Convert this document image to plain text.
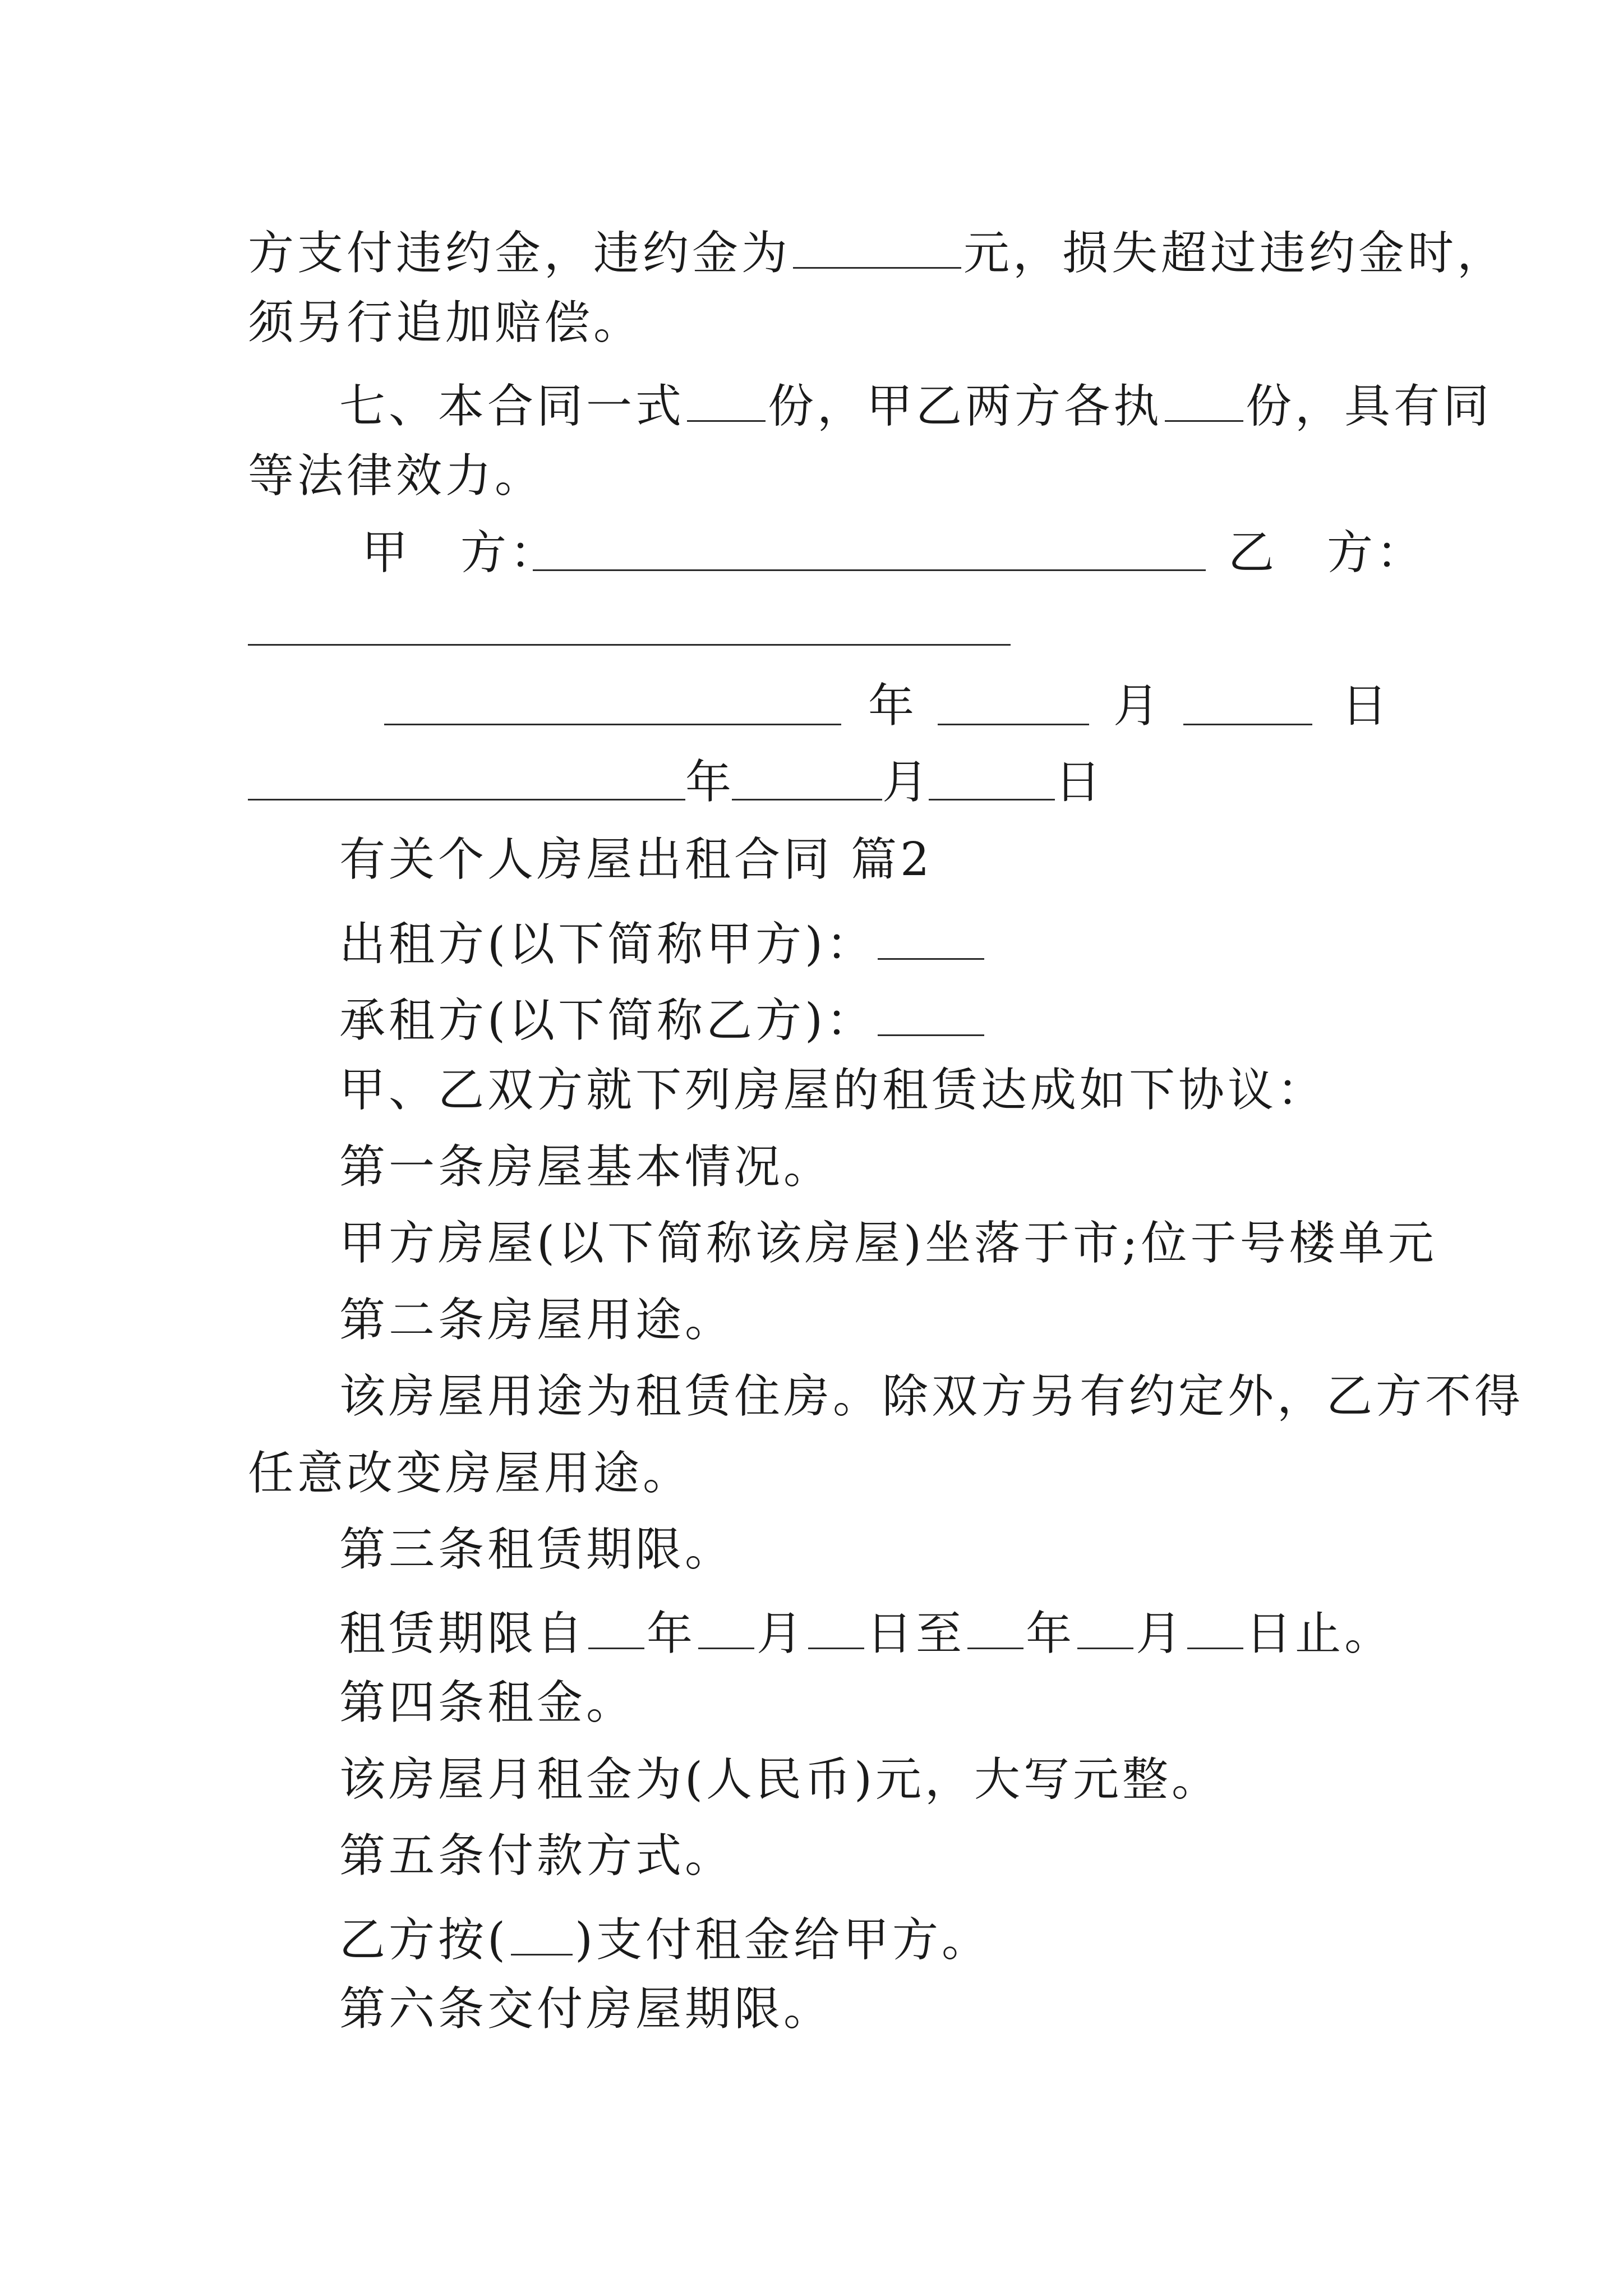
方支付违约金，违约金为	元，损失超过违约金时，
须另行追加赔偿。
七、本合同一式 份，甲乙两方各执 份，具有同
等法律效力。
甲　方：	乙　方：
年	月	日
年	月	日
有关个人房屋出租合同 篇2
出租方(以下简称甲方)：
承租方(以下简称乙方)：
甲、乙双方就下列房屋的租赁达成如下协议：
第一条房屋基本情况。
甲方房屋(以下简称该房屋)坐落于市;位于号楼单元
第二条房屋用途。
该房屋用途为租赁住房。除双方另有约定外，乙方不得
任意改变房屋用途。
第三条租赁期限。
租赁期限自 年 月 日至 年 月 日止。
第四条租金。
该房屋月租金为(人民币)元，大写元整。
第五条付款方式。
乙方按( )支付租金给甲方。
第六条交付房屋期限。
